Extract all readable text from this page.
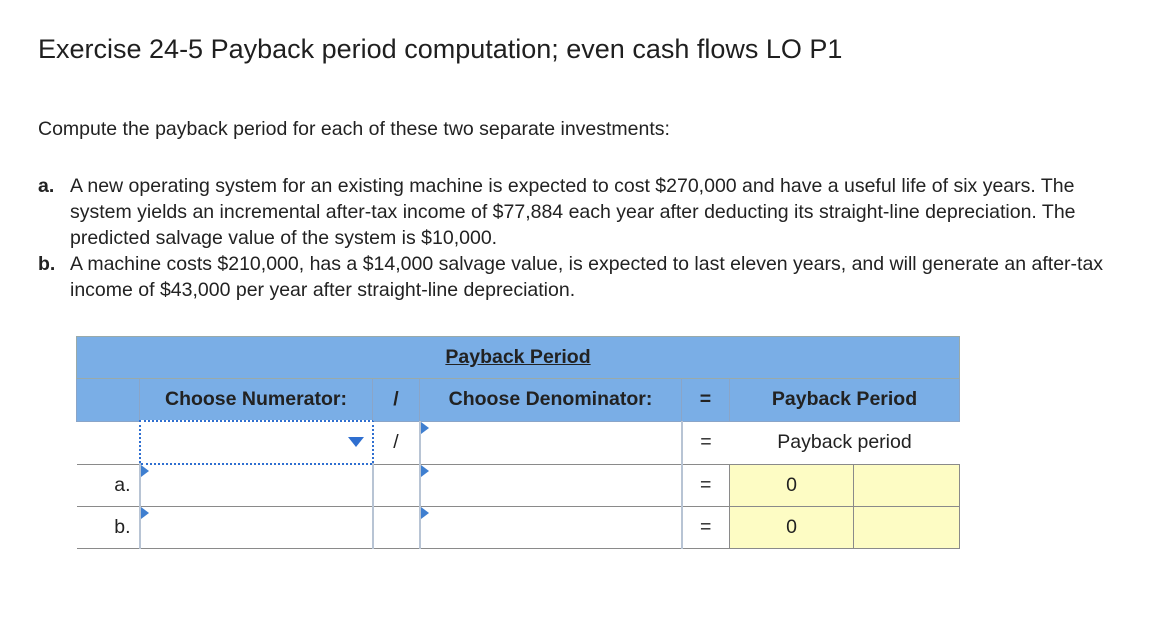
Exercise 24-5 Payback period computation; even cash flows LO P1
Compute the payback period for each of these two separate investments:
a. A new operating system for an existing machine is expected to cost $270,000 and have a useful life of six years. The system yields an incremental after-tax income of $77,884 each year after deducting its straight-line depreciation. The predicted salvage value of the system is $10,000.
b. A machine costs $210,000, has a $14,000 salvage value, is expected to last eleven years, and will generate an after-tax income of $43,000 per year after straight-line depreciation.
Payback Period						
	Choose Numerator:	/	Choose Denominator:	=	Payback Period	

	/		=	Payback period	
a.				=	0	
b.				=	0	
